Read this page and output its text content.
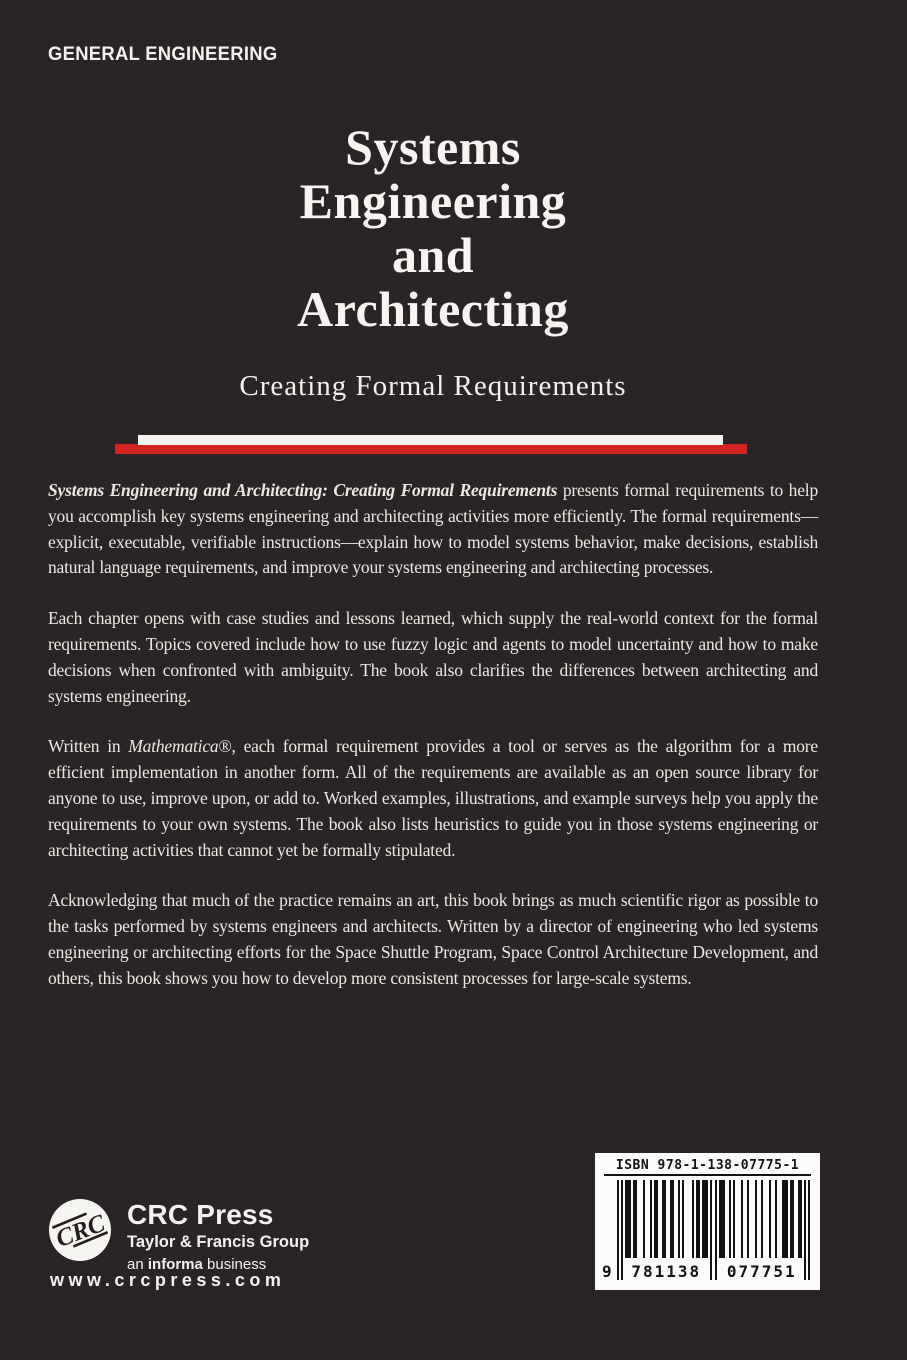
GENERAL ENGINEERING
Systems
Engineering
and
Architecting
Creating Formal Requirements

Systems Engineering and Architecting: Creating Formal Requirements presents formal requirements to help you accomplish key systems engineering and architecting activities more efficiently. The formal requirements—explicit, executable, verifiable instructions—explain how to model systems behavior, make decisions, establish natural language requirements, and improve your systems engineering and architecting processes.

Each chapter opens with case studies and lessons learned, which supply the real-world context for the formal requirements. Topics covered include how to use fuzzy logic and agents to model uncertainty and how to make decisions when confronted with ambiguity. The book also clarifies the differences between architecting and systems engineering.

Written in Mathematica®, each formal requirement provides a tool or serves as the algorithm for a more efficient implementation in another form. All of the requirements are available as an open source library for anyone to use, improve upon, or add to. Worked examples, illustrations, and example surveys help you apply the requirements to your own systems. The book also lists heuristics to guide you in those systems engineering or architecting activities that cannot yet be formally stipulated.

Acknowledging that much of the practice remains an art, this book brings as much scientific rigor as possible to the tasks performed by systems engineers and architects. Written by a director of engineering who led systems engineering or architecting efforts for the Space Shuttle Program, Space Control Architecture Development, and others, this book shows you how to develop more consistent processes for large-scale systems.

CRC CRC Press
Taylor & Francis Group
an informa business
www.crcpress.com
ISBN 978-1-138-07775-1
9	781138	077751
